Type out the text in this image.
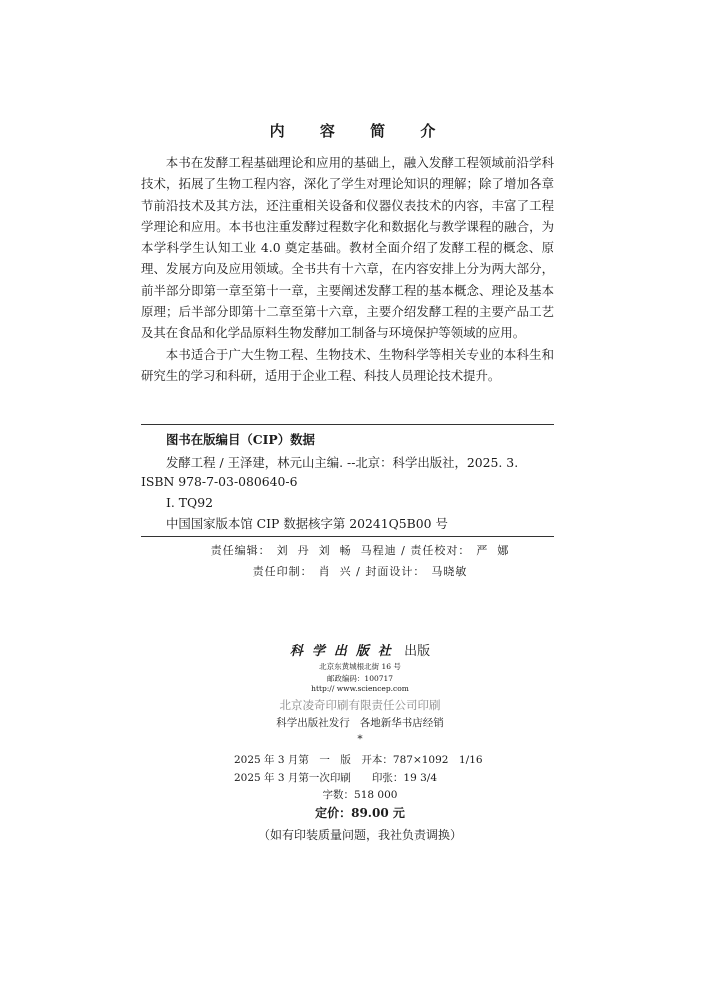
内 容 简 介

本书在发酵工程基础理论和应用的基础上，融入发酵工程领域前沿学科技术，拓展了生物工程内容，深化了学生对理论知识的理解；除了增加各章节前沿技术及其方法，还注重相关设备和仪器仪表技术的内容，丰富了工程学理论和应用。本书也注重发酵过程数字化和数据化与教学课程的融合，为本学科学生认知工业 4.0 奠定基础。教材全面介绍了发酵工程的概念、原理、发展方向及应用领域。全书共有十六章，在内容安排上分为两大部分，前半部分即第一章至第十一章，主要阐述发酵工程的基本概念、理论及基本原理；后半部分即第十二章至第十六章，主要介绍发酵工程的主要产品工艺及其在食品和化学品原料生物发酵加工制备与环境保护等领域的应用。

本书适合于广大生物工程、生物技术、生物科学等相关专业的本科生和研究生的学习和科研，适用于企业工程、科技人员理论技术提升。

图书在版编目（CIP）数据
发酵工程 / 王泽建，林元山主编. --北京：科学出版社，2025. 3.
ISBN 978-7-03-080640-6
I. TQ92
中国国家版本馆 CIP 数据核字第 20241Q5B00 号
责任编辑： 刘  丹  刘  畅  马程迪 / 责任校对： 严  娜
责任印制： 肖  兴 / 封面设计： 马晓敏
科学出版社 出版
北京东黄城根北街 16 号
邮政编码：100717
http:// www.sciencep.com
北京凌奇印刷有限责任公司印刷
科学出版社发行   各地新华书店经销
*
2025 年 3 月第　一　版　开本：787×1092　1/16
2025 年 3 月第一次印刷　　印张：19 3/4
字数：518 000
定价：89.00 元
（如有印装质量问题，我社负责调换）
